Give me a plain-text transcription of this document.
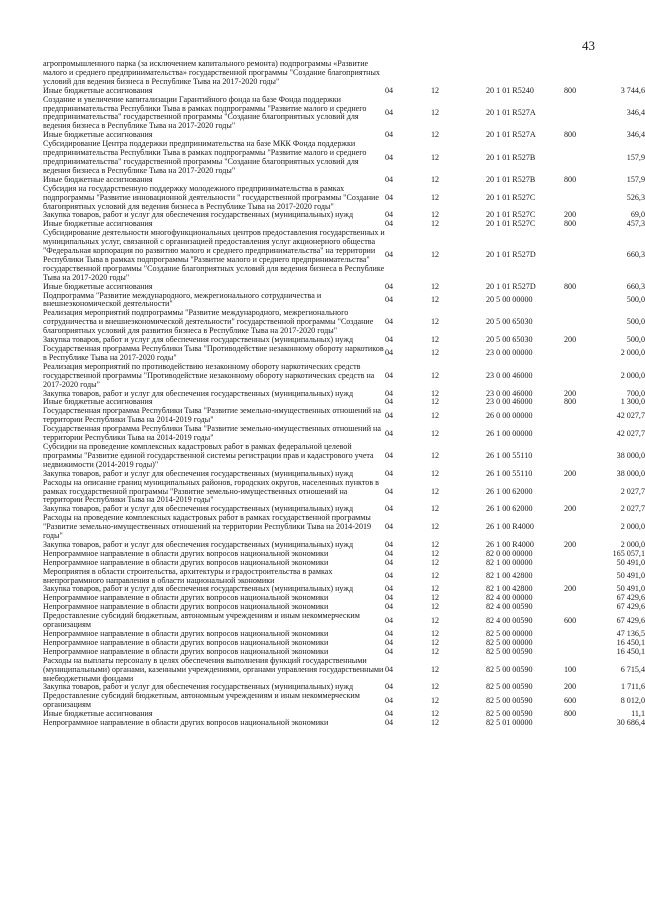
43
агропромышленного парка (за исключением капитального ремонта) подпрограммы «Развитие малого и среднего предпринимательства» государственной программы "Создание благоприятных условий для ведения бизнеса в Республике Тыва на 2017-2020 годы"
Иные бюджетные ассигнования	04	12	20 1 01 R5240	800	3 744,6
Создание и увеличение капитализации Гарантийного фонда на базе Фонда поддержки предпринимательства Республики Тыва в рамках подпрограммы "Развитие малого и среднего предпринимательства" государственной программы "Создание благоприятных условий для ведения бизнеса в Республике Тыва на 2017-2020 годы"
04	12	20 1 01 R527A	346,4
Иные бюджетные ассигнования	04	12	20 1 01 R527A	800	346,4
Субсидирование Центра поддержки предпринимательства на базе МКК Фонда поддержки предпринимательства Республики Тыва в рамках подпрограммы "Развитие малого и среднего предпринимательства" государственной программы "Создание благоприятных условий для ведения бизнеса в Республике Тыва на 2017-2020 годы"
04	12	20 1 01 R527B	157,9
Иные бюджетные ассигнования	04	12	20 1 01 R527B	800	157,9
Субсидия на государственную поддержку молодежного предпринимательства в рамках подпрограммы "Развитие инновационной деятельности " государственной программы "Создание благоприятных условий для ведения бизнеса в Республике Тыва на 2017-2020 годы"
04	12	20 1 01 R527C	526,3
Закупка товаров, работ и услуг для обеспечения государственных (муниципальных) нужд	04	12	20 1 01 R527C	200	69,0
Иные бюджетные ассигнования	04	12	20 1 01 R527C	800	457,3
Субсидирование деятельности многофункциональных центров предоставления государственных и муниципальных услуг, связанной с организацией предоставления услуг акционерного общества "Федеральная корпорация по развитию малого и среднего предпринимательства" на территории Республики Тыва в рамках подпрограммы "Развитие малого и среднего предпринимательства" государственной программы "Создание благоприятных условий для ведения бизнеса в Республике Тыва на 2017-2020 годы"
04	12	20 1 01 R527D	660,3
Иные бюджетные ассигнования	04	12	20 1 01 R527D	800	660,3
Подпрограмма "Развитие международного, межрегионального сотрудничества и внешнеэкономической деятельности"	04	12	20 5 00 00000	500,0
Реализация мероприятий подпрограммы "Развитие международного, межрегионального сотрудничества и внешнеэкономической деятельности" государственной программы "Создание благоприятных условий для развития бизнеса в Республике Тыва на 2017-2020 годы"
04	12	20 5 00 65030	500,0
Закупка товаров, работ и услуг для обеспечения государственных (муниципальных) нужд	04	12	20 5 00 65030	200	500,0
Государственная программа Республики Тыва "Противодействие незаконному обороту наркотиков в Республике Тыва на 2017-2020 годы"	04	12	23 0 00 00000	2 000,0
Реализация мероприятий по противодействию незаконному обороту наркотических средств государственной программы "Противодействие незаконному обороту наркотических средств на 2017-2020 годы"
04	12	23 0 00 46000	2 000,0
Закупка товаров, работ и услуг для обеспечения государственных (муниципальных) нужд	04	12	23 0 00 46000	200	700,0
Иные бюджетные ассигнования	04	12	23 0 00 46000	800	1 300,0
Государственная программа Республики Тыва "Развитие земельно-имущественных отношений на территории Республики Тыва на 2014-2019 годы"	04	12	26 0 00 00000	42 027,7
Государственная программа Республики Тыва "Развитие земельно-имущественных отношений на территории Республики Тыва на 2014-2019 годы"	04	12	26 1 00 00000	42 027,7
Субсидии на проведение комплексных кадастровых работ в рамках федеральной целевой программы "Развитие единой государственной системы регистрации прав и кадастрового учета недвижимости (2014-2019 годы)"
04	12	26 1 00 55110	38 000,0
Закупка товаров, работ и услуг для обеспечения государственных (муниципальных) нужд	04	12	26 1 00 55110	200	38 000,0
Расходы на описание границ муниципальных районов, городских округов, населенных пунктов в рамках государственной программы "Развитие земельно-имущественных отношений на территории Республики Тыва на 2014-2019 годы"
04	12	26 1 00 62000	2 027,7
Закупка товаров, работ и услуг для обеспечения государственных (муниципальных) нужд	04	12	26 1 00 62000	200	2 027,7
Расходы на проведение комплексных кадастровых работ в рамках государственной программы "Развитие земельно-имущественных отношений на территории Республики Тыва на 2014-2019 годы"
04	12	26 1 00 R4000	2 000,0
Закупка товаров, работ и услуг для обеспечения государственных (муниципальных) нужд	04	12	26 1 00 R4000	200	2 000,0
Непрограммное направление в области других вопросов национальной экономики	04	12	82 0 00 00000	165 057,1
Непрограммное направление в области других вопросов национальной экономики	04	12	82 1 00 00000	50 491,0
Мероприятия в области строительства, архитектуры и градостроительства в рамках внепрограммного направления в области национальной экономики	04	12	82 1 00 42800	50 491,0
Закупка товаров, работ и услуг для обеспечения государственных (муниципальных) нужд	04	12	82 1 00 42800	200	50 491,0
Непрограммное направление в области других вопросов национальной экономики	04	12	82 4 00 00000	67 429,6
Непрограммное направление в области других вопросов национальной экономики	04	12	82 4 00 00590	67 429,6
Предоставление субсидий бюджетным, автономным учреждениям и иным некоммерческим организациям	04	12	82 4 00 00590	600	67 429,6
Непрограммное направление в области других вопросов национальной экономики	04	12	82 5 00 00000	47 136,5
Непрограммное направление в области других вопросов национальной экономики	04	12	82 5 00 00000	16 450,1
Непрограммное направление в области других вопросов национальной экономики	04	12	82 5 00 00590	16 450,1
Расходы на выплаты персоналу в целях обеспечения выполнения функций государственными (муниципальными) органами, казенными учреждениями, органами управления государственными внебюджетными фондами
04	12	82 5 00 00590	100	6 715,4
Закупка товаров, работ и услуг для обеспечения государственных (муниципальных) нужд	04	12	82 5 00 00590	200	1 711,6
Предоставление субсидий бюджетным, автономным учреждениям и иным некоммерческим организациям	04	12	82 5 00 00590	600	8 012,0
Иные бюджетные ассигнования	04	12	82 5 00 00590	800	11,1
Непрограммное направление в области других вопросов национальной экономики	04	12	82 5 01 00000	30 686,4
